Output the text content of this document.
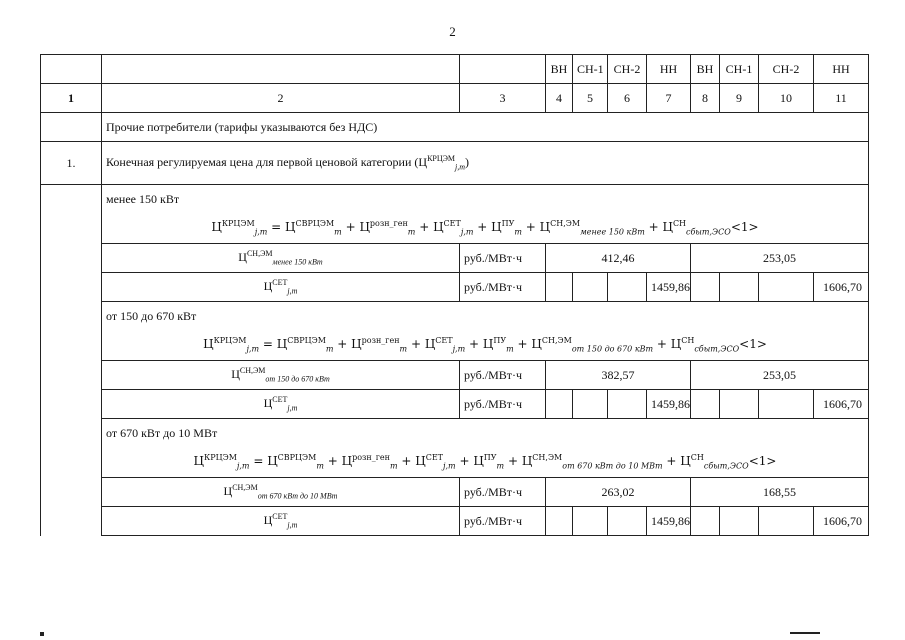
2
			ВН	СН-1	СН-2	НН	ВН	СН-1	СН-2	НН
1	2	3	4	5	6	7	8	9	10	11
	Прочие потребители (тарифы указываются без НДС)									
1.	Конечная регулируемая цена для первой ценовой категории $(Ц^{КРЦЭМ}_{j,m})$									
	менее 150 кВт									
	$Ц^{КРЦЭМ}_{j,m} = Ц^{СВРЦЭМ}_m + Ц^{розн\_ген}_m + Ц^{СЕТ}_{j,m} + Ц^{ПУ}_m + Ц^{СН,ЭМ}_{менее 150 кВт} + Ц^{СН}_{сбыт,ЭСО}<1>$									
	$Ц^{СН,ЭМ}_{менее 150 кВт}$	руб./МВт·ч	412,46				253,05			
	$Ц^{СЕТ}_{j,m}$	руб./МВт·ч				1459,86				1606,70
	от 150 до 670 кВт									
	$Ц^{КРЦЭМ}_{j,m} = Ц^{СВРЦЭМ}_m + Ц^{розн\_ген}_m + Ц^{СЕТ}_{j,m} + Ц^{ПУ}_m + Ц^{СН,ЭМ}_{от 150 до 670 кВт} + Ц^{СН}_{сбыт,ЭСО}<1>$									
	$Ц^{СН,ЭМ}_{от 150 до 670 кВт}$	руб./МВт·ч	382,57				253,05			
	$Ц^{СЕТ}_{j,m}$	руб./МВт·ч				1459,86				1606,70
	от 670 кВт до 10 МВт									
	$Ц^{КРЦЭМ}_{j,m} = Ц^{СВРЦЭМ}_m + Ц^{розн\_ген}_m + Ц^{СЕТ}_{j,m} + Ц^{ПУ}_m + Ц^{СН,ЭМ}_{от 670 кВт до 10 МВт} + Ц^{СН}_{сбыт,ЭСО}<1>$									
	$Ц^{СН,ЭМ}_{от 670 кВт до 10 МВт}$	руб./МВт·ч	263,02				168,55			
	$Ц^{СЕТ}_{j,m}$	руб./МВт·ч				1459,86				1606,70
